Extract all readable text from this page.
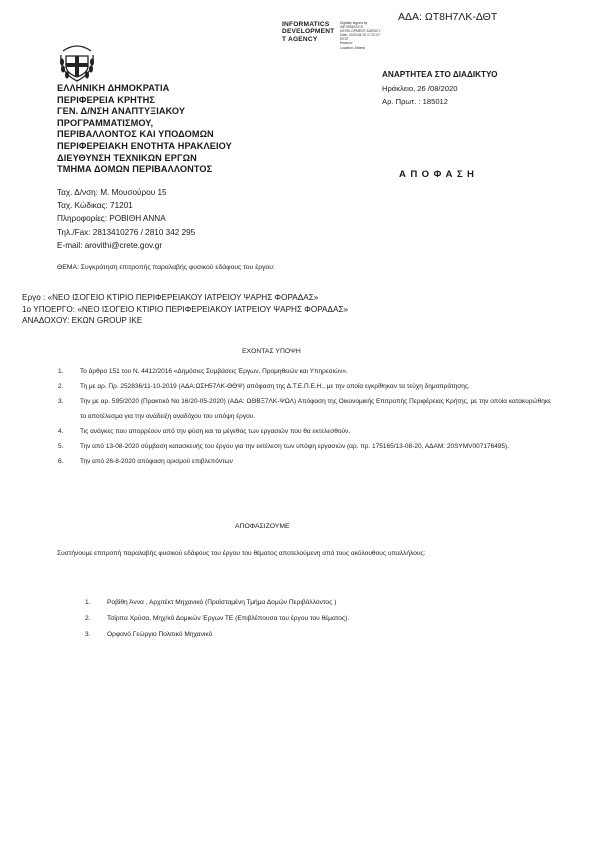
ΑΔΑ: ΩΤ8Η7ΛΚ-ΔΘΤ
INFORMATICS
DEVELOPMENT
T AGENCY
Digitally signed by
INFORMATICS
DEVELOPMENT AGENCY
Date: 2020.08.26 17:37:07
EEST
Reason:
Location: Athens
ΕΛΛΗΝΙΚΗ ΔΗΜΟΚΡΑΤΙΑ
ΠΕΡΙΦΕΡΕΙΑ ΚΡΗΤΗΣ
ΓΕΝ. Δ/ΝΣΗ ΑΝΑΠΤΥΞΙΑΚΟΥ
ΠΡΟΓΡΑΜΜΑΤΙΣΜΟΥ,
ΠΕΡΙΒΑΛΛΟΝΤΟΣ ΚΑΙ ΥΠΟΔΟΜΩΝ
ΠΕΡΙΦΕΡΕΙΑΚΗ ΕΝΟΤΗΤΑ ΗΡΑΚΛΕΙΟΥ
ΔΙΕΥΘΥΝΣΗ ΤΕΧΝΙΚΩΝ ΕΡΓΩΝ
ΤΜΗΜΑ ΔΟΜΩΝ ΠΕΡΙΒΑΛΛΟΝΤΟΣ
Ταχ. Δ/νση: Μ. Μουσούρου 15
Ταχ. Κώδικας: 71201
Πληροφορίες: ΡΟΒΙΘΗ ΑΝΝΑ
Τηλ./Fax: 2813410276 / 2810 342 295
E-mail: arovithi@crete.gov.gr
ΑΝΑΡΤΗΤΕΑ ΣΤΟ ΔΙΑΔΙΚΤΥΟ
Ηράκλειο, 26 /08/2020
Αρ. Πρωτ. : 185012
ΑΠΟΦΑΣΗ
ΘΕΜΑ: Συγκρότηση επιτροπής παραλαβής φυσικού εδάφους του έργου:
Εργο : «ΝΕΟ ΙΣΟΓΕΙΟ ΚΤΙΡΙΟ ΠΕΡΙΦΕΡΕΙΑΚΟΥ ΙΑΤΡΕΙΟΥ ΨΑΡΗΣ ΦΟΡΑΔΑΣ»
1ο ΥΠΟΕΡΓΟ: «ΝΕΟ ΙΣΟΓΕΙΟ ΚΤΙΡΙΟ ΠΕΡΙΦΕΡΕΙΑΚΟΥ ΙΑΤΡΕΙΟΥ ΨΑΡΗΣ ΦΟΡΑΔΑΣ»
ΑΝΑΔΟΧΟΥ: ΕΚΩΝ GROUP ΙΚΕ
ΕΧΟΝΤΑΣ ΥΠΟΨΗ
1.	Το άρθρο 151 του Ν. 4412/2016 «Δημόσιες Συμβάσεις Έργων, Προμηθειών και Υπηρεσιών».
2.	Τη με αρ. Πρ. 252836/11-10-2019 (ΑΔΑ:ΩΣΗ57ΛΚ-ΘΘΨ) απόφαση της Δ.Τ.Ε.Π.Ε.Η., με την οποία εγκρίθηκαν τα τεύχη δημοπράτησης.
3.	Την με αρ. 595/2020 (Πρακτικό Νο 16/20-05-2020) (ΑΔΑ: ΩΘΒΞ7ΛΚ-ΨΩΛ) Απόφαση της Οικονομικής Επιτροπής Περιφέρειας Κρήτης, με την οποία κατακυρώθηκε το αποτέλεσμα για την ανάδειξη αναδόχου του υπόψη έργου.
4.	Τις ανάγκες που απορρέουν από την φύση και τα μέγεθος των εργασιών που θα εκτελεσθούν.
5.	Την από 13-08-2020 σύμβαση κατασκευής του έργου για την εκτέλεση των υπόψη εργασιών (αρ. πρ. 175165/13-08-20, ΑΔΑΜ: 20SYMV007176495).
6.	Την από 26-8-2020 απόφαση ορισμού επιβλεπόντων
ΑΠΟΦΑΣΙΖΟΥΜΕ
Συστήνουμε επιτροπή παραλαβής φυσικού εδάφους του έργου του θέματος αποτελούμενη από τους ακόλουθους υπαλλήλους:
1.	Ροβίθη Άννα , Αρχιτέκτ Μηχανικό (Προϊσταμένη Τμήμα Δομών Περιβάλλοντος )
2.	Τσίρπα Χρύσα, Μηχ/κό Δομικών Έργων ΤΕ (Επιβλέπουσα του έργου του θέματος).
3.	Ορφανό Γεώργιο Πολιτικό Μηχανικό
